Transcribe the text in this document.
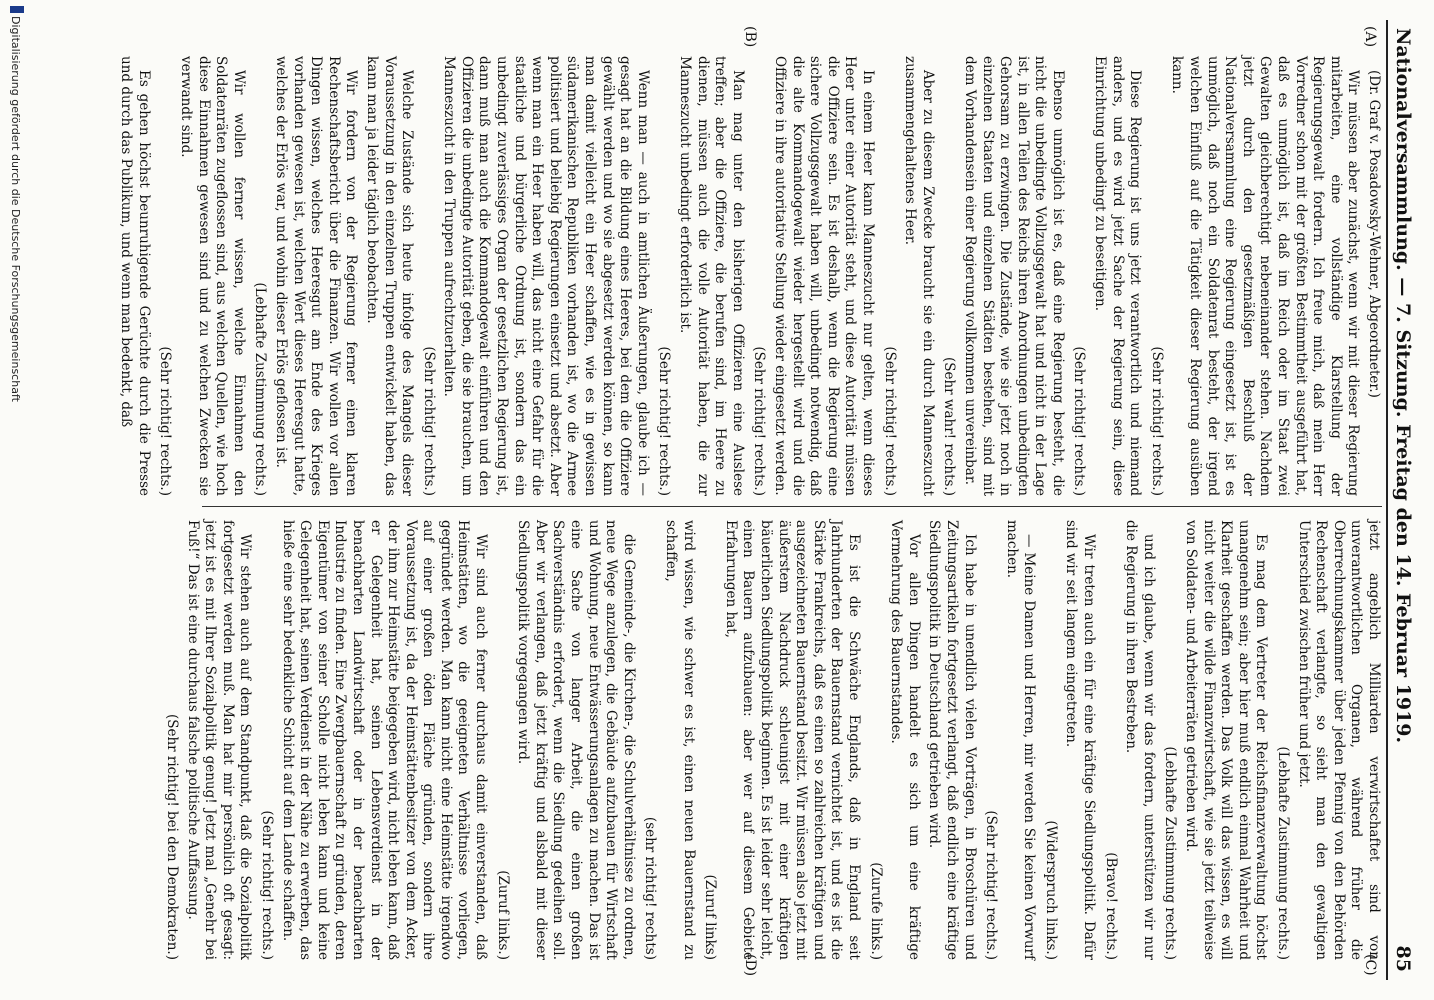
Nationalversammlung. — 7. Sitzung. Freitag den 14. Februar 1919.
85
(A)
(B)
(C)
(D)

(Dr. Graf v. Posadowsky-Wehner, Abgeordneter.)

Wir müssen aber zunächst, wenn wir mit dieser Regierung mitarbeiten, eine vollständige Klarstellung der Regierungsgewalt fordern. Ich freue mich, daß mein Herr Vorredner schon mit der größten Bestimmtheit ausgeführt hat, daß es unmöglich ist, daß im Reich oder im Staat zwei Gewalten gleichberechtigt nebeneinander stehen. Nachdem jetzt durch den gesetzmäßigen Beschluß der Nationalversammlung eine Regierung eingesetzt ist, ist es unmöglich, daß noch ein Soldatenrat besteht, der irgend welchen Einfluß auf die Tätigkeit dieser Regierung ausüben kann.

(Sehr richtig! rechts.)

Diese Regierung ist uns jetzt verantwortlich und niemand anders, und es wird jetzt Sache der Regierung sein, diese Einrichtung unbedingt zu beseitigen.

(Sehr richtig! rechts.)

Ebenso unmöglich ist es, daß eine Regierung besteht, die nicht die unbedingte Vollzugsgewalt hat und nicht in der Lage ist, in allen Teilen des Reichs ihren Anordnungen unbedingten Gehorsam zu erzwingen. Die Zustände, wie sie jetzt noch in einzelnen Staaten und einzelnen Städten bestehen, sind mit dem Vorhandensein einer Regierung vollkommen unvereinbar.

(Sehr wahr! rechts.)

Aber zu diesem Zwecke braucht sie ein durch Manneszucht zusammengehaltenes Heer.

(Sehr richtig! rechts.)

In einem Heer kann Manneszucht nur gelten, wenn dieses Heer unter einer Autorität steht, und diese Autorität müssen die Offiziere sein. Es ist deshalb, wenn die Regierung eine sichere Vollzugsgewalt haben will, unbedingt notwendig, daß die alte Kommandogewalt wieder hergestellt wird und die Offiziere in ihre autoritative Stellung wieder eingesetzt werden.

(Sehr richtig! rechts.)

Man mag unter den bisherigen Offizieren eine Auslese treffen; aber die Offiziere, die berufen sind, im Heere zu dienen, müssen auch die volle Autorität haben, die zur Manneszucht unbedingt erforderlich ist.

(Sehr richtig! rechts.)

Wenn man — auch in amtlichen Äußerungen, glaube ich — gesagt hat an die Bildung eines Heeres, bei dem die Offiziere gewählt werden und wo sie abgesetzt werden können, so kann man damit vielleicht ein Heer schaffen, wie es in gewissen südamerikanischen Republiken vorhanden ist, wo die Armee politisiert und beliebig Regierungen einsetzt und absetzt. Aber wenn man ein Heer haben will, das nicht eine Gefahr für die staatliche und bürgerliche Ordnung ist, sondern das ein unbedingt zuverlässiges Organ der gesetzlichen Regierung ist, dann muß man auch die Kommandogewalt einführen und den Offizieren die unbedingte Autorität geben, die sie brauchen, um Manneszucht in den Truppen aufrechtzuerhalten.

(Sehr richtig! rechts.)

Welche Zustände sich heute infolge des Mangels dieser Voraussetzung in den einzelnen Truppen entwickelt haben, das kann man ja leider täglich beobachten.

Wir fordern von der Regierung ferner einen klaren Rechenschaftsbericht über die Finanzen. Wir wollen vor allen Dingen wissen, welches Heeresgut am Ende des Krieges vorhanden gewesen ist, welchen Wert dieses Heeresgut hatte, welches der Erlös war, und wohin dieser Erlös geflossen ist.

(Lebhafte Zustimmung rechts.)

Wir wollen ferner wissen, welche Einnahmen den Soldatenräten zugeflossen sind, aus welchen Quellen, wie hoch diese Einnahmen gewesen sind und zu welchen Zwecken sie verwandt sind.

(Sehr richtig! rechts.)

Es gehen höchst beunruhigende Gerüchte durch die Presse und durch das Publikum, und wenn man bedenkt, daß

jetzt angeblich Milliarden verwirtschaftet sind von unverantwortlichen Organen, während früher die Oberrechnungskammer über jeden Pfennig von den Behörden Rechenschaft verlangte, so sieht man den gewaltigen Unterschied zwischen früher und jetzt.

(Lebhafte Zustimmung rechts.)

Es mag dem Vertreter der Reichsfinanzverwaltung höchst unangenehm sein; aber hier muß endlich einmal Wahrheit und Klarheit geschaffen werden. Das Volk will das wissen, es will nicht weiter die wilde Finanzwirtschaft, wie sie jetzt teilweise von Soldaten- und Arbeiterräten getrieben wird.

(Lebhafte Zustimmung rechts.)

und ich glaube, wenn wir das fordern, unterstützen wir nur die Regierung in ihren Bestreben.

(Bravo! rechts.)

Wir treten auch ein für eine kräftige Siedlungspolitik. Dafür sind wir seit langem eingetreten.

(Widerspruch links.)

— Meine Damen und Herren, mir werden Sie keinen Vorwurf machen.

(Sehr richtig! rechts.)

Ich habe in unendlich vielen Vorträgen, in Broschüren und Zeitungsartikeln fortgesetzt verlangt, daß endlich eine kräftige Siedlungspolitik in Deutschland getrieben wird.

Vor allen Dingen handelt es sich um eine kräftige Vermehrung des Bauernstandes.

(Zurufe links.)

Es ist die Schwäche Englands, daß in England seit Jahrhunderten der Bauernstand vernichtet ist, und es ist die Stärke Frankreichs, daß es einen so zahlreichen kräftigen und ausgezeichneten Bauernstand besitzt. Wir müssen also jetzt mit äußerstem Nachdruck schleunigst mit einer kräftigen bäuerlichen Siedlungspolitik beginnen. Es ist leider sehr leicht, einen Bauern aufzubauen: aber wer auf diesem Gebiete Erfahrungen hat,

(Zuruf links)

wird wissen, wie schwer es ist, einen neuen Bauernstand zu schaffen,

(sehr richtig! rechts)

die Gemeinde-, die Kirchen-, die Schulverhältnisse zu ordnen, neue Wege anzulegen, die Gebäude aufzubauen für Wirtschaft und Wohnung, neue Entwässerungsanlagen zu machen. Das ist eine Sache von langer Arbeit, die einen großen Sachverständnis erfordert, wenn die Siedlung gedeihen soll. Aber wir verlangen, daß jetzt kräftig und alsbald mit dieser Siedlungspolitik vorgegangen wird.

(Zuruf links.)

Wir sind auch ferner durchaus damit einverstanden, daß Heimstätten, wo die geeigneten Verhältnisse vorliegen, gegründet werden. Man kann nicht eine Heimstätte irgendwo auf einer großen öden Fläche gründen, sondern ihre Voraussetzung ist, da der Heimstättenbesitzer von dem Acker, der ihm zur Heimstätte beigegeben wird, nicht leben kann, daß er Gelegenheit hat, seinen Lebensverdienst in der benachbarten Landwirtschaft oder in der benachbarten Industrie zu finden. Eine Zwergbauernschaft zu gründen, deren Eigentümer von seiner Scholle nicht leben kann und keine Gelegenheit hat, seinen Verdienst in der Nähe zu erwerben, das hieße eine sehr bedenkliche Schicht auf dem Lande schaffen.

(Sehr richtig! rechts.)

Wir stehen auch auf dem Standpunkt, daß die Sozialpolitik fortgesetzt werden muß. Man hat mir persönlich oft gesagt: jetzt ist es mit Ihrer Sozialpolitik genug! Jetzt mal „Genehr bei Fuß!“ Das ist eine durchaus falsche politische Auffassung.

(Sehr richtig! bei den Demokraten.)

Digitalisierung gefördert durch die Deutsche Forschungsgemeinschaft
